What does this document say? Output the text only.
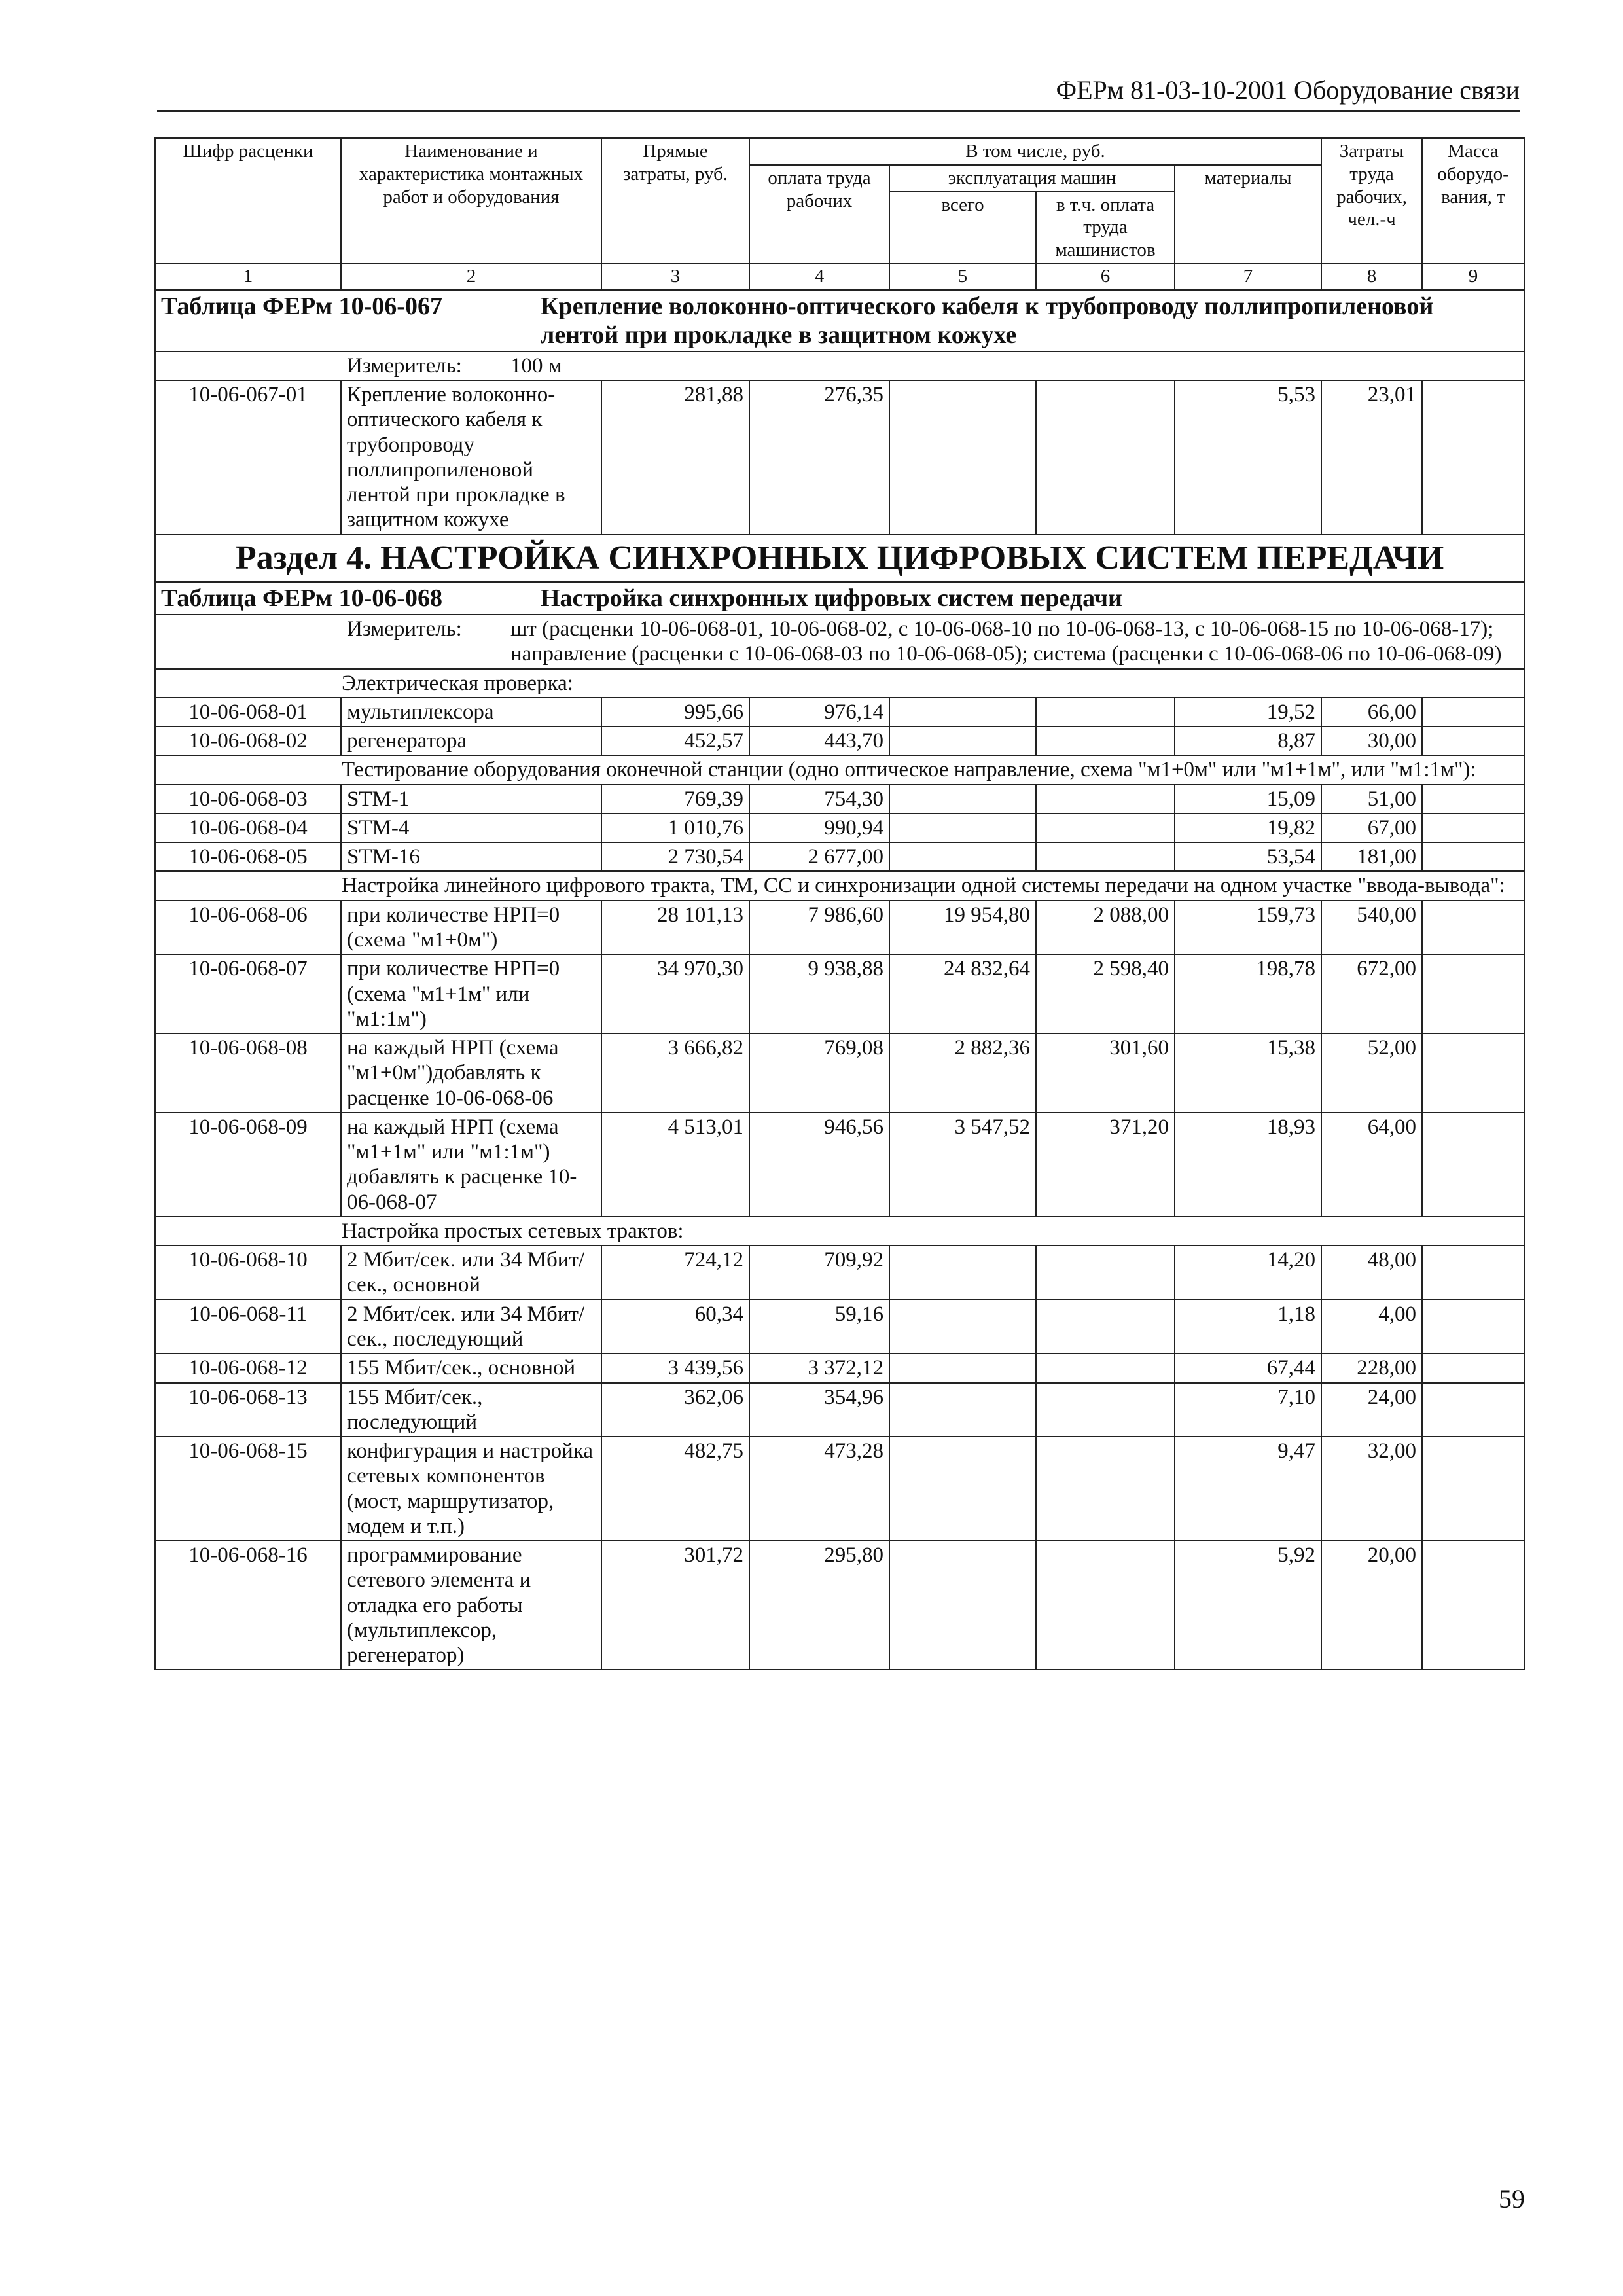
ФЕРм 81-03-10-2001 Оборудование связи
Шифр расценки	Наименование и характеристика монтажных работ и оборудования	Прямые затраты, руб.	В том числе, руб.				Затраты труда рабочих, чел.-ч	Масса оборудо-вания, т
			оплата труда рабочих	эксплуатация машин		материалы		
				всего	в т.ч. оплата труда машинистов			
1	2	3	4	5	6	7	8	9
Таблица ФЕРм 10-06-067 Крепление волоконно-оптического кабеля к трубопроводу поллипропиленовой лентой при прокладке в защитном кожухе								

Измеритель: 100 м								

10-06-067-01	Крепление волоконно-оптического кабеля к трубопроводу поллипропиленовой лентой при прокладке в защитном кожухе	281,88	276,35			5,53	23,01	
Раздел 4. НАСТРОЙКА СИНХРОННЫХ ЦИФРОВЫХ СИСТЕМ ПЕРЕДАЧИ								
Таблица ФЕРм 10-06-068 Настройка синхронных цифровых систем передачи								

Измеритель: шт (расценки 10-06-068-01, 10-06-068-02, с 10-06-068-10 по 10-06-068-13, с 10-06-068-15 по 10-06-068-17); направление (расценки с 10-06-068-03 по 10-06-068-05); система (расценки с 10-06-068-06 по 10-06-068-09)								

Электрическая проверка:								
10-06-068-01	мультиплексора	995,66	976,14			19,52	66,00	
10-06-068-02	регенератора	452,57	443,70			8,87	30,00	
Тестирование оборудования оконечной станции (одно оптическое направление, схема "м1+0м" или "м1+1м", или "м1:1м"):								
10-06-068-03	STM-1	769,39	754,30			15,09	51,00	
10-06-068-04	STM-4	1 010,76	990,94			19,82	67,00	
10-06-068-05	STM-16	2 730,54	2 677,00			53,54	181,00	
Настройка линейного цифрового тракта, ТМ, СС и синхронизации одной системы передачи на одном участке "ввода-вывода":								
10-06-068-06	при количестве НРП=0 (схема "м1+0м")	28 101,13	7 986,60	19 954,80	2 088,00	159,73	540,00	
10-06-068-07	при количестве НРП=0 (схема "м1+1м" или "м1:1м")	34 970,30	9 938,88	24 832,64	2 598,40	198,78	672,00	
10-06-068-08	на каждый НРП (схема "м1+0м")добавлять к расценке 10-06-068-06	3 666,82	769,08	2 882,36	301,60	15,38	52,00	
10-06-068-09	на каждый НРП (схема "м1+1м" или "м1:1м") добавлять к расценке 10-06-068-07	4 513,01	946,56	3 547,52	371,20	18,93	64,00	
Настройка простых сетевых трактов:								
10-06-068-10	2 Мбит/сек. или 34 Мбит/сек., основной	724,12	709,92			14,20	48,00	
10-06-068-11	2 Мбит/сек. или 34 Мбит/сек., последующий	60,34	59,16			1,18	4,00	
10-06-068-12	155 Мбит/сек., основной	3 439,56	3 372,12			67,44	228,00	
10-06-068-13	155 Мбит/сек., последующий	362,06	354,96			7,10	24,00	
10-06-068-15	конфигурация и настройка сетевых компонентов (мост, маршрутизатор, модем и т.п.)	482,75	473,28			9,47	32,00	
10-06-068-16	программирование сетевого элемента и отладка его работы (мультиплексор, регенератор)	301,72	295,80			5,92	20,00	
59
